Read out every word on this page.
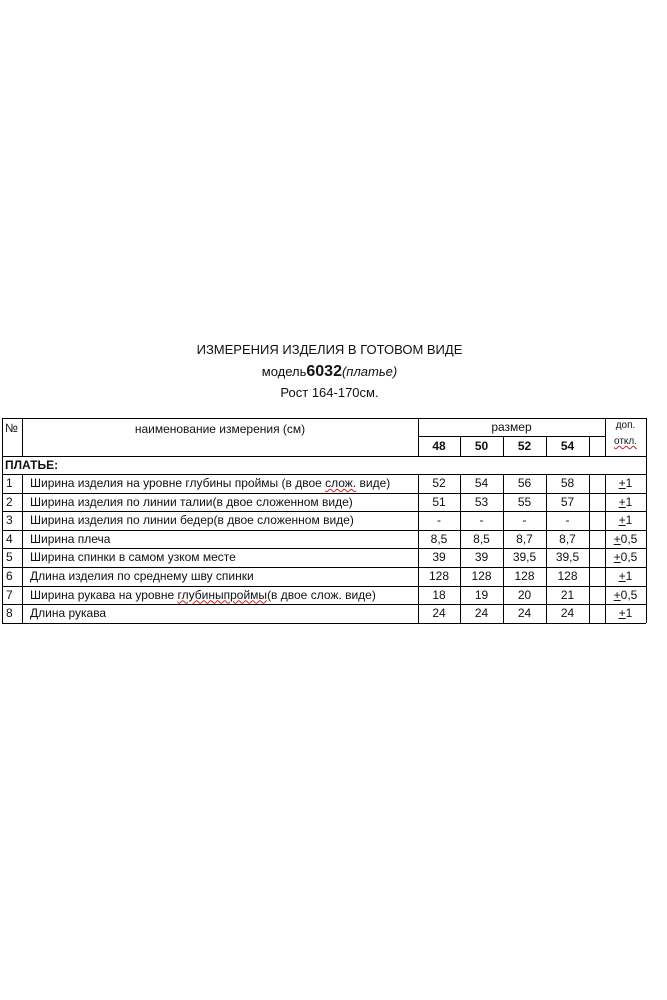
ИЗМЕРЕНИЯ ИЗДЕЛИЯ В ГОТОВОМ ВИДЕ
модель6032(платье)
Рост 164-170см.
№	наименование измерения (см)	размер	доп.
откл.
48	50	52	54
ПЛАТЬЕ:
1 Ширина изделия на уровне глубины проймы (в двое слож. виде)	52	54	56	58	+1
2 Ширина изделия по линии талии(в двое сложенном виде)	51	53	55	57	+1
3 Ширина изделия по линии бедер(в двое сложенном виде)	-	-	-	-	+1
4 Ширина плеча	8,5	8,5	8,7	8,7	+0,5
5 Ширина спинки в самом узком месте	39	39	39,5	39,5	+0,5
6 Длина изделия по среднему шву спинки	128	128	128	128	+1
7 Ширина рукава на уровне глубиныпроймы(в двое слож. виде)	18	19	20	21	+0,5
8 Длина рукава	24	24	24	24	+1
